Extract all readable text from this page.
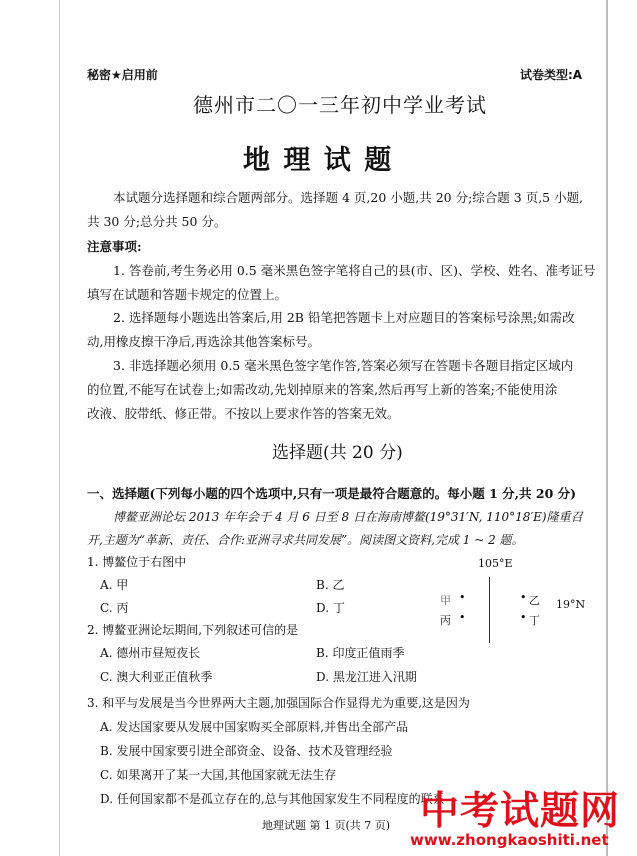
秘密★启用前	试卷类型:A
德州市二〇一三年初中学业考试
地 理 试 题
本试题分选择题和综合题两部分。选择题 4 页,20 小题,共 20 分;综合题 3 页,5 小题,
共 30 分;总分共 50 分。
注意事项:
1. 答卷前,考生务必用 0.5 毫米黑色签字笔将自己的县(市、区)、学校、姓名、准考证号
填写在试题和答题卡规定的位置上。
2. 选择题每小题选出答案后,用 2B 铅笔把答题卡上对应题目的答案标号涂黑;如需改
动,用橡皮擦干净后,再选涂其他答案标号。
3. 非选择题必须用 0.5 毫米黑色签字笔作答,答案必须写在答题卡各题目指定区域内
的位置,不能写在试卷上;如需改动,先划掉原来的答案,然后再写上新的答案;不能使用涂
改液、胶带纸、修正带。不按以上要求作答的答案无效。
选择题(共 20 分)
一、选择题(下列每小题的四个选项中,只有一项是最符合题意的。每小题 1 分,共 20 分)
博鳌亚洲论坛 2013 年年会于 4 月 6 日至 8 日在海南博鳌(19°31′N, 110°18′E)隆重召
开,主题为“革新、责任、合作:亚洲寻求共同发展”。阅读图文资料,完成 1 ~ 2 题。
1. 博鳌位于右图中
A. 甲	B. 乙
C. 丙	D. 丁
105°E
甲 •
丙 •
• 乙
• 丁
19°N
2. 博鳌亚洲论坛期间,下列叙述可信的是
A. 德州市昼短夜长	B. 印度正值雨季
C. 澳大利亚正值秋季	D. 黑龙江进入汛期
3. 和平与发展是当今世界两大主题,加强国际合作显得尤为重要,这是因为
A. 发达国家要从发展中国家购买全部原料,并售出全部产品
B. 发展中国家要引进全部资金、设备、技术及管理经验
C. 如果离开了某一大国,其他国家就无法生存
D. 任何国家都不是孤立存在的,总与其他国家发生不同程度的联系
地理试题 第 1 页(共 7 页) 中考试题网
www.zhongkaoshiti.net
